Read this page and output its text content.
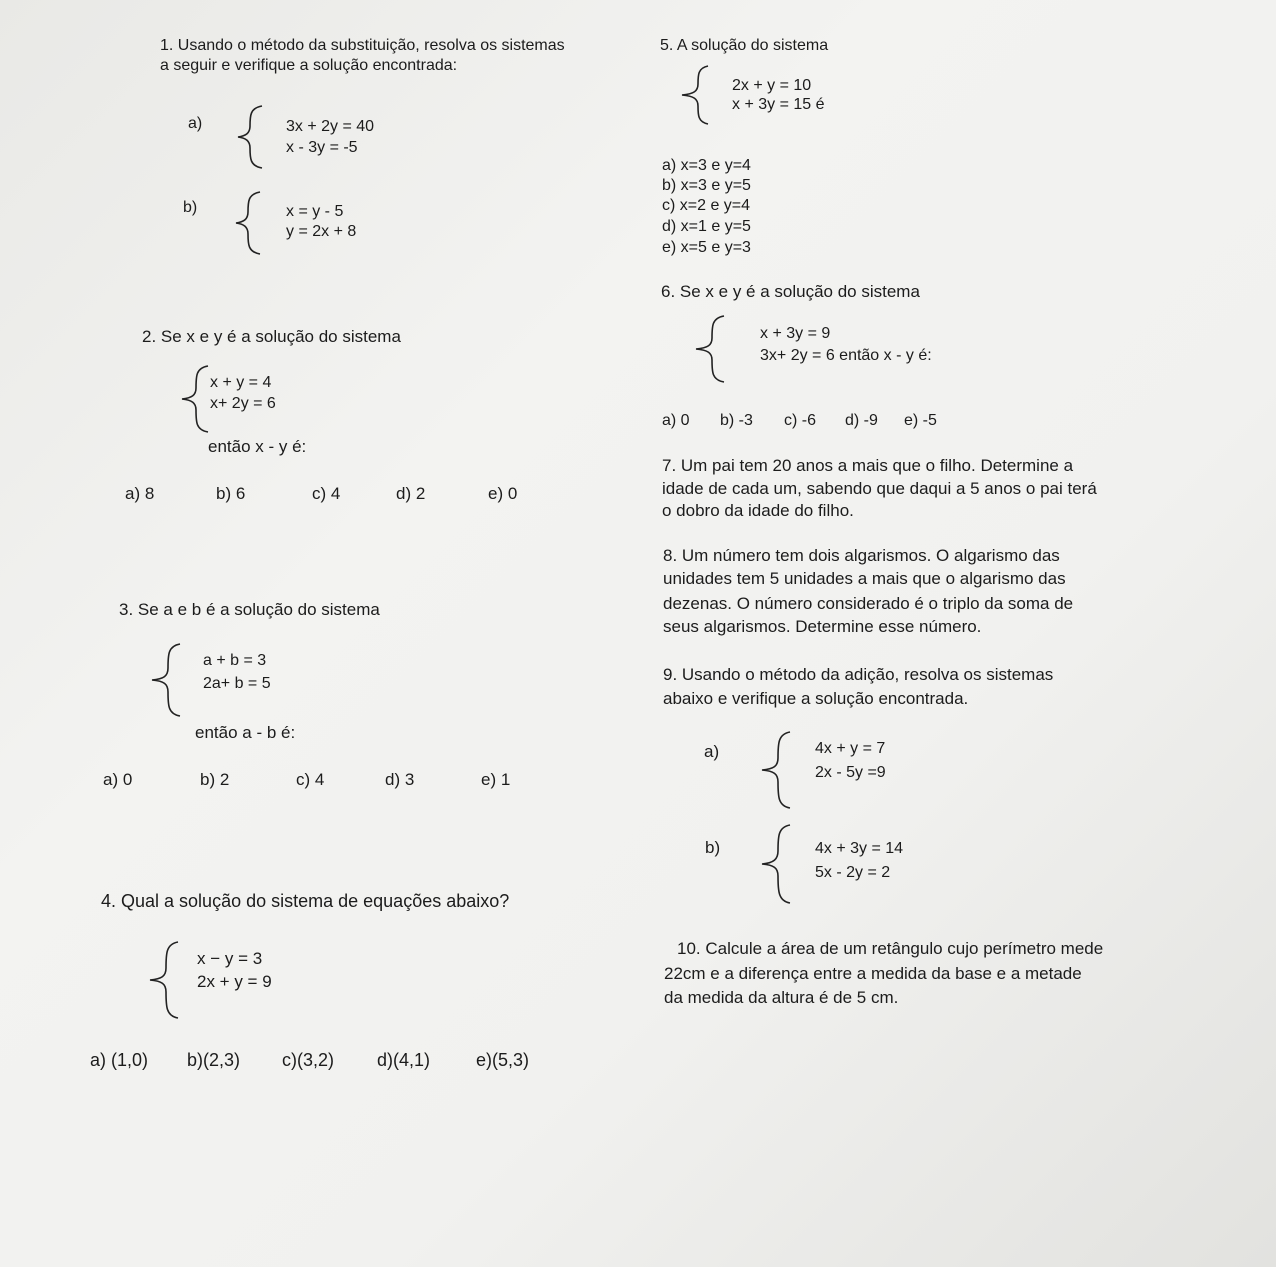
1. Usando o método da substituição, resolva os sistemas
a seguir e verifique a solução encontrada:
a)	3x + 2y = 40
x - 3y = -5
b)	x = y - 5
y = 2x + 8
2. Se x e y é a solução do sistema
x + y = 4
x+ 2y = 6
então x - y é:
a) 8	b) 6	c) 4	d) 2	e) 0
3. Se a e b é a solução do sistema
a + b = 3
2a+ b = 5
então a - b é:
a) 0	b) 2	c) 4	d) 3	e) 1
4. Qual a solução do sistema de equações abaixo?
x − y = 3
2x + y = 9
a) (1,0) b)(2,3) c)(3,2) d)(4,1)	e)(5,3)
5. A solução do sistema
2x + y = 10
x + 3y = 15 é
a) x=3 e y=4
b) x=3 e y=5
c) x=2 e y=4
d) x=1 e y=5
e) x=5 e y=3
6. Se x e y é a solução do sistema
x + 3y = 9
3x+ 2y = 6 então x - y é:
a) 0 b) -3 c) -6 d) -9 e) -5
7. Um pai tem 20 anos a mais que o filho. Determine a
idade de cada um, sabendo que daqui a 5 anos o pai terá
o dobro da idade do filho.
8. Um número tem dois algarismos. O algarismo das
unidades tem 5 unidades a mais que o algarismo das
dezenas. O número considerado é o triplo da soma de
seus algarismos. Determine esse número.
9. Usando o método da adição, resolva os sistemas
abaixo e verifique a solução encontrada.
a)	4x + y = 7
2x - 5y =9
b)	4x + 3y = 14
5x - 2y = 2
10. Calcule a área de um retângulo cujo perímetro mede
22cm e a diferença entre a medida da base e a metade
da medida da altura é de 5 cm.
